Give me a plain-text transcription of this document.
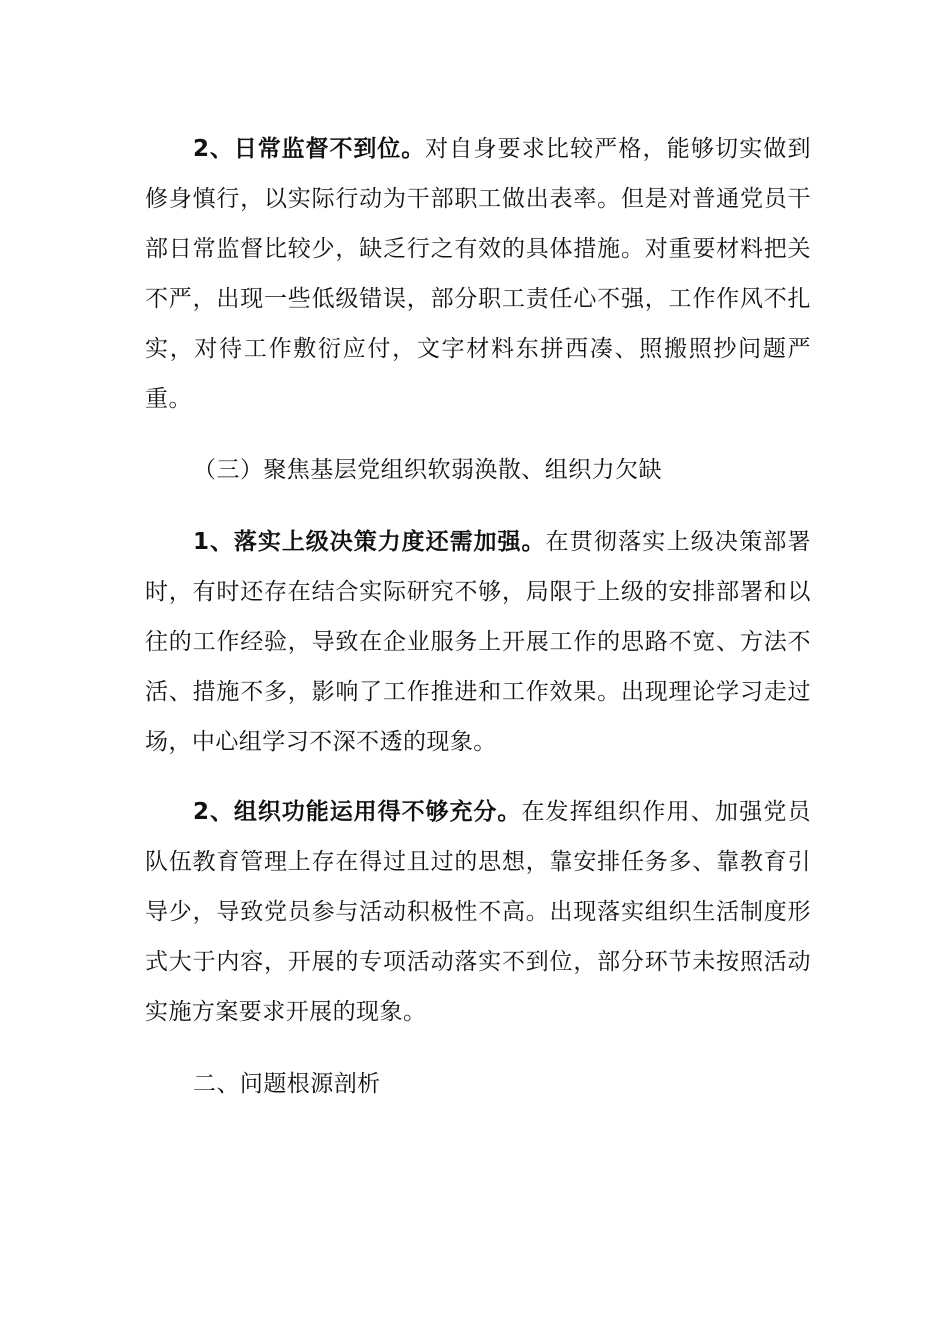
2、日常监督不到位。对自身要求比较严格，能够切实做到修身慎行，以实际行动为干部职工做出表率。但是对普通党员干部日常监督比较少，缺乏行之有效的具体措施。对重要材料把关不严，出现一些低级错误，部分职工责任心不强，工作作风不扎实，对待工作敷衍应付，文字材料东拼西凑、照搬照抄问题严重。

（三）聚焦基层党组织软弱涣散、组织力欠缺

1、落实上级决策力度还需加强。在贯彻落实上级决策部署时，有时还存在结合实际研究不够，局限于上级的安排部署和以往的工作经验，导致在企业服务上开展工作的思路不宽、方法不活、措施不多，影响了工作推进和工作效果。出现理论学习走过场，中心组学习不深不透的现象。

2、组织功能运用得不够充分。在发挥组织作用、加强党员队伍教育管理上存在得过且过的思想，靠安排任务多、靠教育引导少，导致党员参与活动积极性不高。出现落实组织生活制度形式大于内容，开展的专项活动落实不到位，部分环节未按照活动实施方案要求开展的现象。

二、问题根源剖析
